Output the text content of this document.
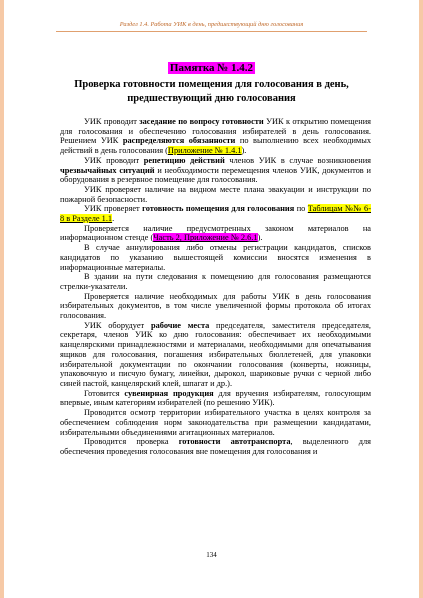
Раздел 1.4. Работа УИК в день, предшествующий дню голосования
Памятка № 1.4.2
Проверка готовности помещения для голосования в день, предшествующий дню голосования

УИК проводит заседание по вопросу готовности УИК к открытию помещения для голосования и обеспечению голосования избирателей в день голосования. Решением УИК распределяются обязанности по выполнению всех необходимых действий в день голосования (Приложение № 1.4.1).

УИК проводит репетицию действий членов УИК в случае возникновения чрезвычайных ситуаций и необходимости перемещения членов УИК, документов и оборудования в резервное помещение для голосования.

УИК проверяет наличие на видном месте плана эвакуации и инструкции по пожарной безопасности.

УИК проверяет готовность помещения для голосования по Таблицам №№ 6-8 в Разделе 1.1.

Проверяется наличие предусмотренных законом материалов на информационном стенде (Часть 2, Приложение № 2.6.1).

В случае аннулирования либо отмены регистрации кандидатов, списков кандидатов по указанию вышестоящей комиссии вносятся изменения в информационные материалы.

В здании на пути следования к помещению для голосования размещаются стрелки-указатели.

Проверяется наличие необходимых для работы УИК в день голосования избирательных документов, в том числе увеличенной формы протокола об итогах голосования.

УИК оборудует рабочие места председателя, заместителя председателя, секретаря, членов УИК ко дню голосования: обеспечивает их необходимыми канцелярскими принадлежностями и материалами, необходимыми для опечатывания ящиков для голосования, погашения избирательных бюллетеней, для упаковки избирательной документации по окончании голосования (конверты, ножницы, упаковочную и писчую бумагу, линейки, дырокол, шариковые ручки с черной либо синей пастой, канцелярский клей, шпагат и др.).

Готовится сувенирная продукция для вручения избирателям, голосующим впервые, иным категориям избирателей (по решению УИК).

Проводится осмотр территории избирательного участка в целях контроля за обеспечением соблюдения норм законодательства при размещении кандидатами, избирательными объединениями агитационных материалов.

Проводится проверка готовности автотранспорта, выделенного для обеспечения проведения голосования вне помещения для голосования и

134
